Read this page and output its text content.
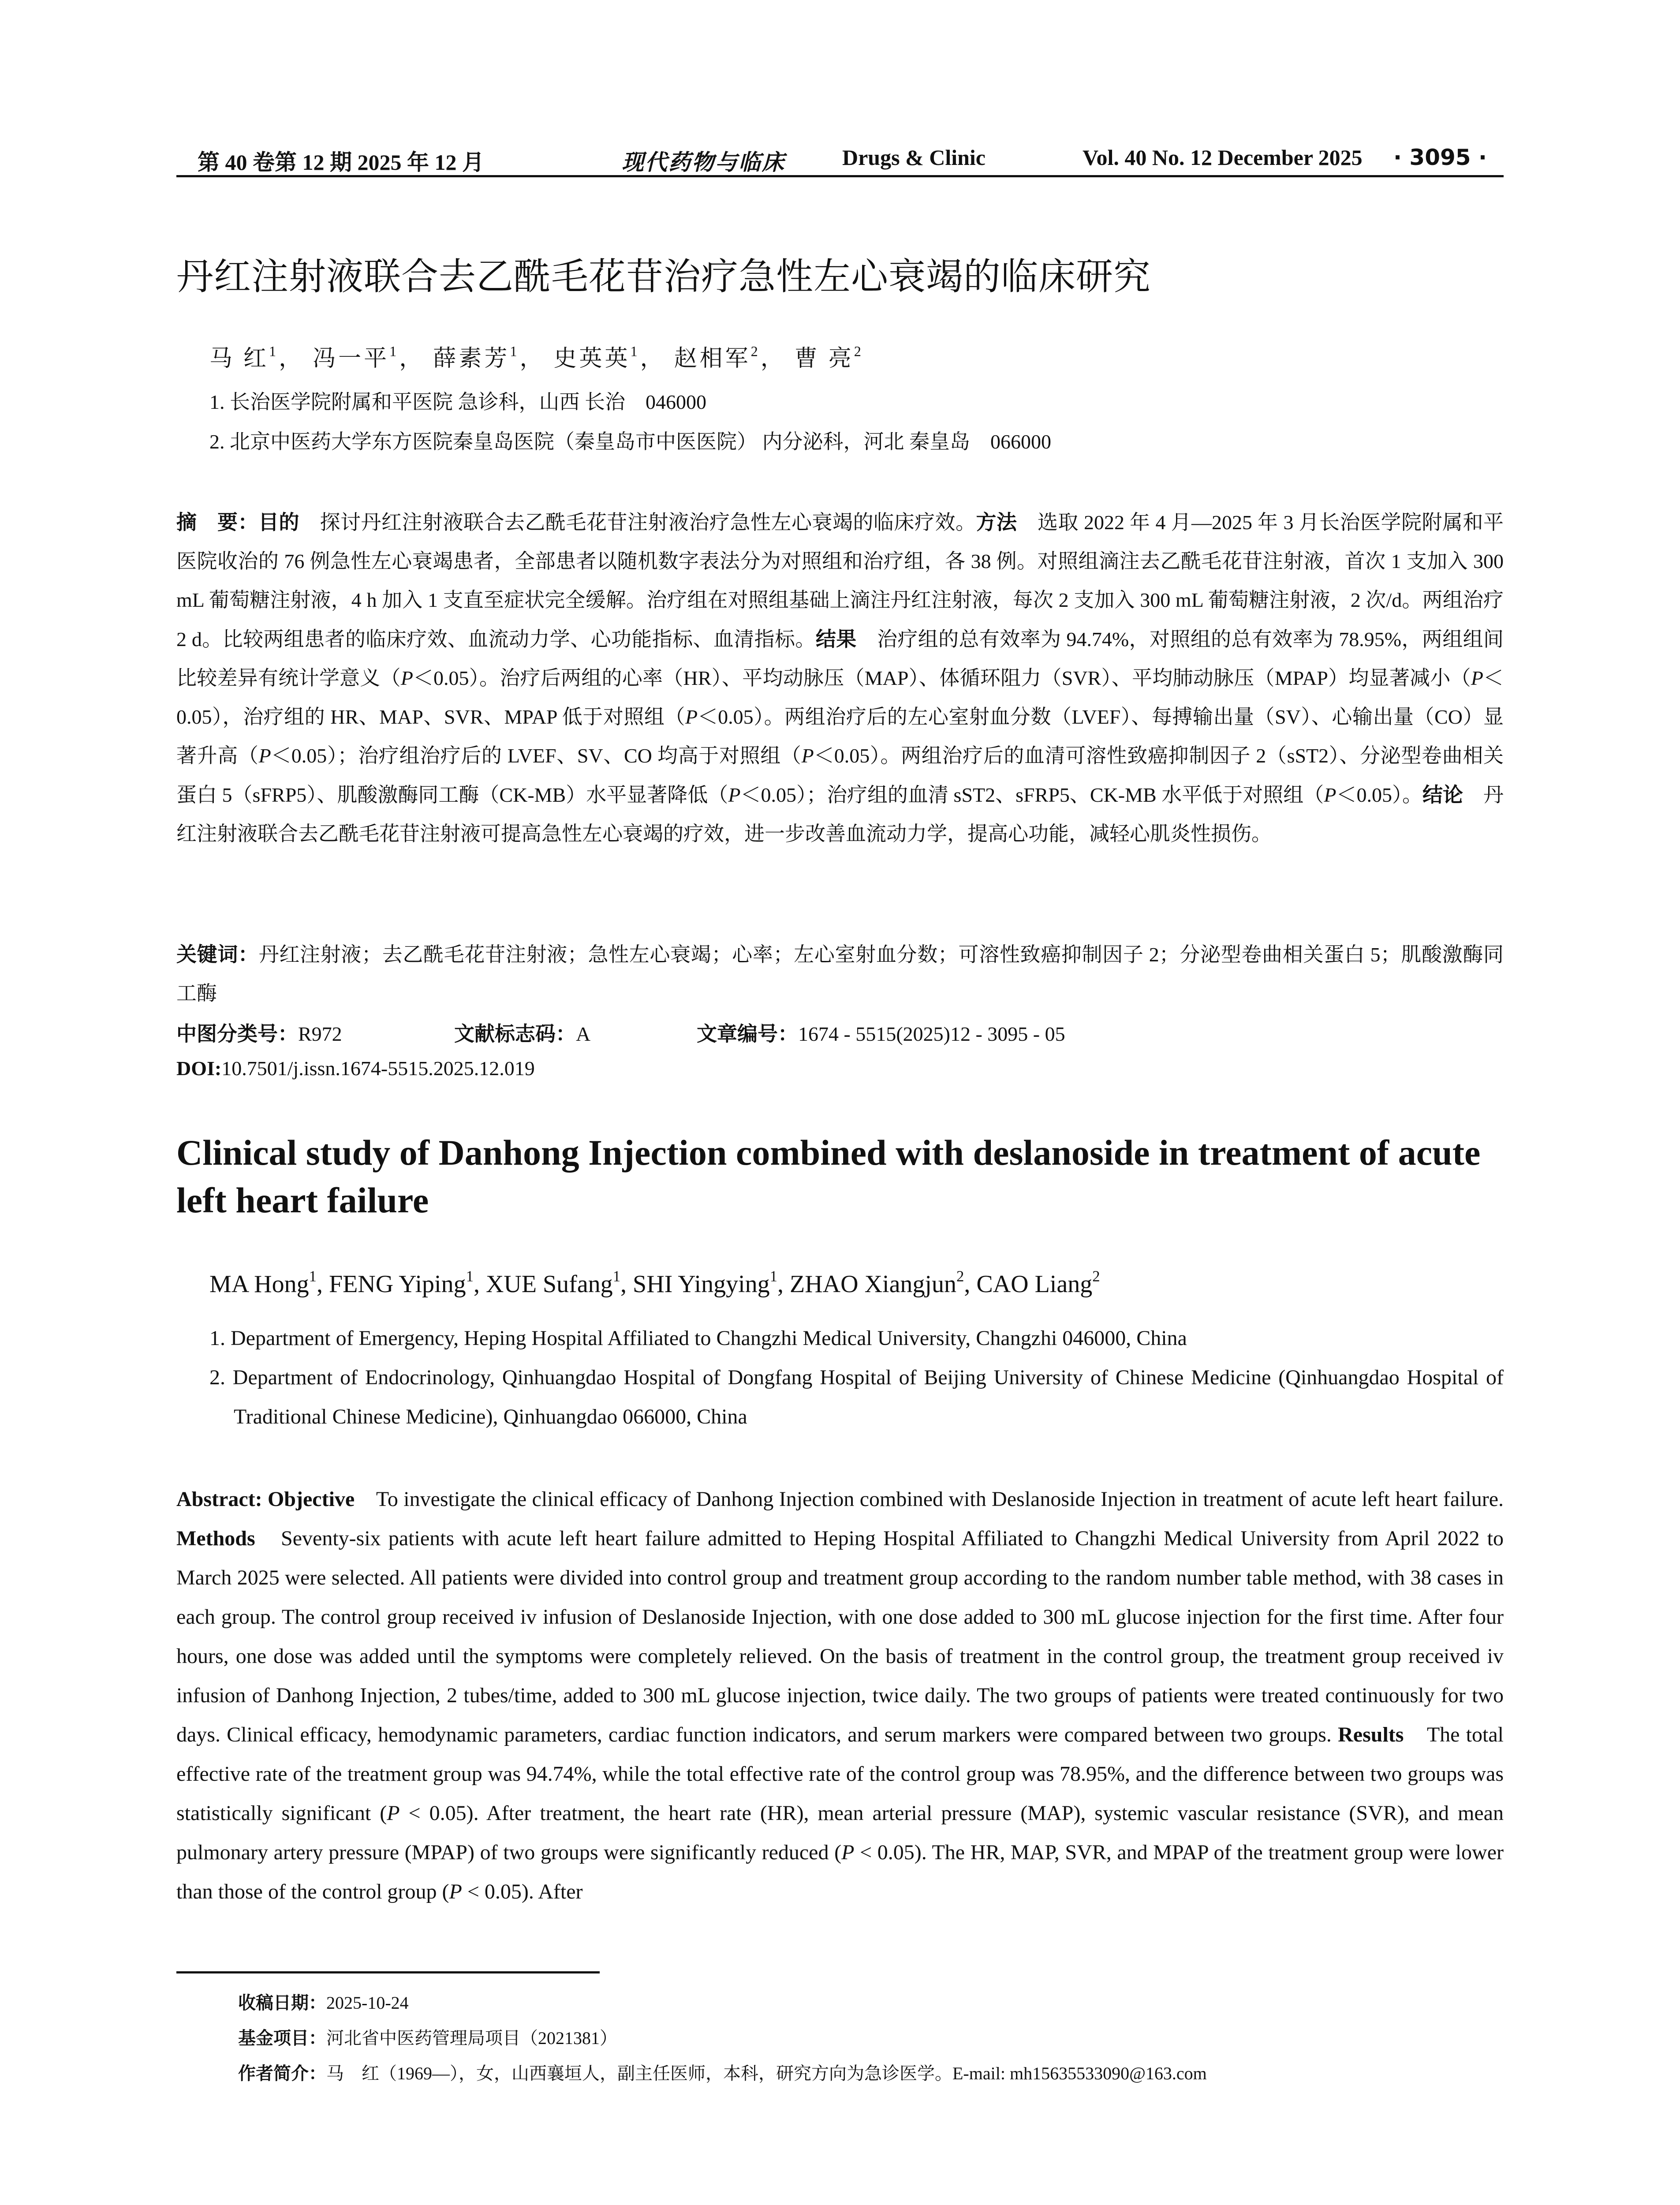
第 40 卷第 12 期 2025 年 12 月	现代药物与临床	Drugs & Clinic	Vol. 40 No. 12 December 2025 · 3095 ·
丹红注射液联合去乙酰毛花苷治疗急性左心衰竭的临床研究
马 红$^1$， 冯一平$^1$， 薛素芳$^1$， 史英英$^1$， 赵相军$^2$， 曹 亮$^2$
1. 长治医学院附属和平医院 急诊科，山西 长治　046000
2. 北京中医药大学东方医院秦皇岛医院（秦皇岛市中医医院） 内分泌科，河北 秦皇岛　066000
摘　要：目的　探讨丹红注射液联合去乙酰毛花苷注射液治疗急性左心衰竭的临床疗效。方法　选取 2022 年 4 月—2025 年 3 月长治医学院附属和平医院收治的 76 例急性左心衰竭患者，全部患者以随机数字表法分为对照组和治疗组，各 38 例。对照组滴注去乙酰毛花苷注射液，首次 1 支加入 300 mL 葡萄糖注射液，4 h 加入 1 支直至症状完全缓解。治疗组在对照组基础上滴注丹红注射液，每次 2 支加入 300 mL 葡萄糖注射液，2 次/d。两组治疗 2 d。比较两组患者的临床疗效、血流动力学、心功能指标、血清指标。结果　治疗组的总有效率为 94.74%，对照组的总有效率为 78.95%，两组组间比较差异有统计学意义（P＜0.05）。治疗后两组的心率（HR）、平均动脉压（MAP）、体循环阻力（SVR）、平均肺动脉压（MPAP）均显著减小（P＜0.05），治疗组的 HR、MAP、SVR、MPAP 低于对照组（P＜0.05）。两组治疗后的左心室射血分数（LVEF）、每搏输出量（SV）、心输出量（CO）显著升高（P＜0.05）；治疗组治疗后的 LVEF、SV、CO 均高于对照组（P＜0.05）。两组治疗后的血清可溶性致癌抑制因子 2（sST2）、分泌型卷曲相关蛋白 5（sFRP5）、肌酸激酶同工酶（CK-MB）水平显著降低（P＜0.05）；治疗组的血清 sST2、sFRP5、CK-MB 水平低于对照组（P＜0.05）。结论　丹红注射液联合去乙酰毛花苷注射液可提高急性左心衰竭的疗效，进一步改善血流动力学，提高心功能，减轻心肌炎性损伤。
关键词：丹红注射液；去乙酰毛花苷注射液；急性左心衰竭；心率；左心室射血分数；可溶性致癌抑制因子 2；分泌型卷曲相关蛋白 5；肌酸激酶同工酶
中图分类号：R972	文献标志码：A	文章编号：1674 - 5515(2025)12 - 3095 - 05
DOI:10.7501/j.issn.1674-5515.2025.12.019
Clinical study of Danhong Injection combined with deslanoside in treatment of acute left heart failure
MA Hong$^1$, FENG Yiping$^1$, XUE Sufang$^1$, SHI Yingying$^1$, ZHAO Xiangjun$^2$, CAO Liang$^2$
1. Department of Emergency, Heping Hospital Affiliated to Changzhi Medical University, Changzhi 046000, China
2. Department of Endocrinology, Qinhuangdao Hospital of Dongfang Hospital of Beijing University of Chinese Medicine (Qinhuangdao Hospital of Traditional Chinese Medicine), Qinhuangdao 066000, China
Abstract: Objective　To investigate the clinical efficacy of Danhong Injection combined with Deslanoside Injection in treatment of acute left heart failure. Methods　Seventy-six patients with acute left heart failure admitted to Heping Hospital Affiliated to Changzhi Medical University from April 2022 to March 2025 were selected. All patients were divided into control group and treatment group according to the random number table method, with 38 cases in each group. The control group received iv infusion of Deslanoside Injection, with one dose added to 300 mL glucose injection for the first time. After four hours, one dose was added until the symptoms were completely relieved. On the basis of treatment in the control group, the treatment group received iv infusion of Danhong Injection, 2 tubes/time, added to 300 mL glucose injection, twice daily. The two groups of patients were treated continuously for two days. Clinical efficacy, hemodynamic parameters, cardiac function indicators, and serum markers were compared between two groups. Results　The total effective rate of the treatment group was 94.74%, while the total effective rate of the control group was 78.95%, and the difference between two groups was statistically significant (P < 0.05). After treatment, the heart rate (HR), mean arterial pressure (MAP), systemic vascular resistance (SVR), and mean pulmonary artery pressure (MPAP) of two groups were significantly reduced (P < 0.05). The HR, MAP, SVR, and MPAP of the treatment group were lower than those of the control group (P < 0.05). After
收稿日期：2025-10-24
基金项目：河北省中医药管理局项目（2021381）
作者简介：马　红（1969—），女，山西襄垣人，副主任医师，本科，研究方向为急诊医学。E-mail: mh15635533090@163.com
